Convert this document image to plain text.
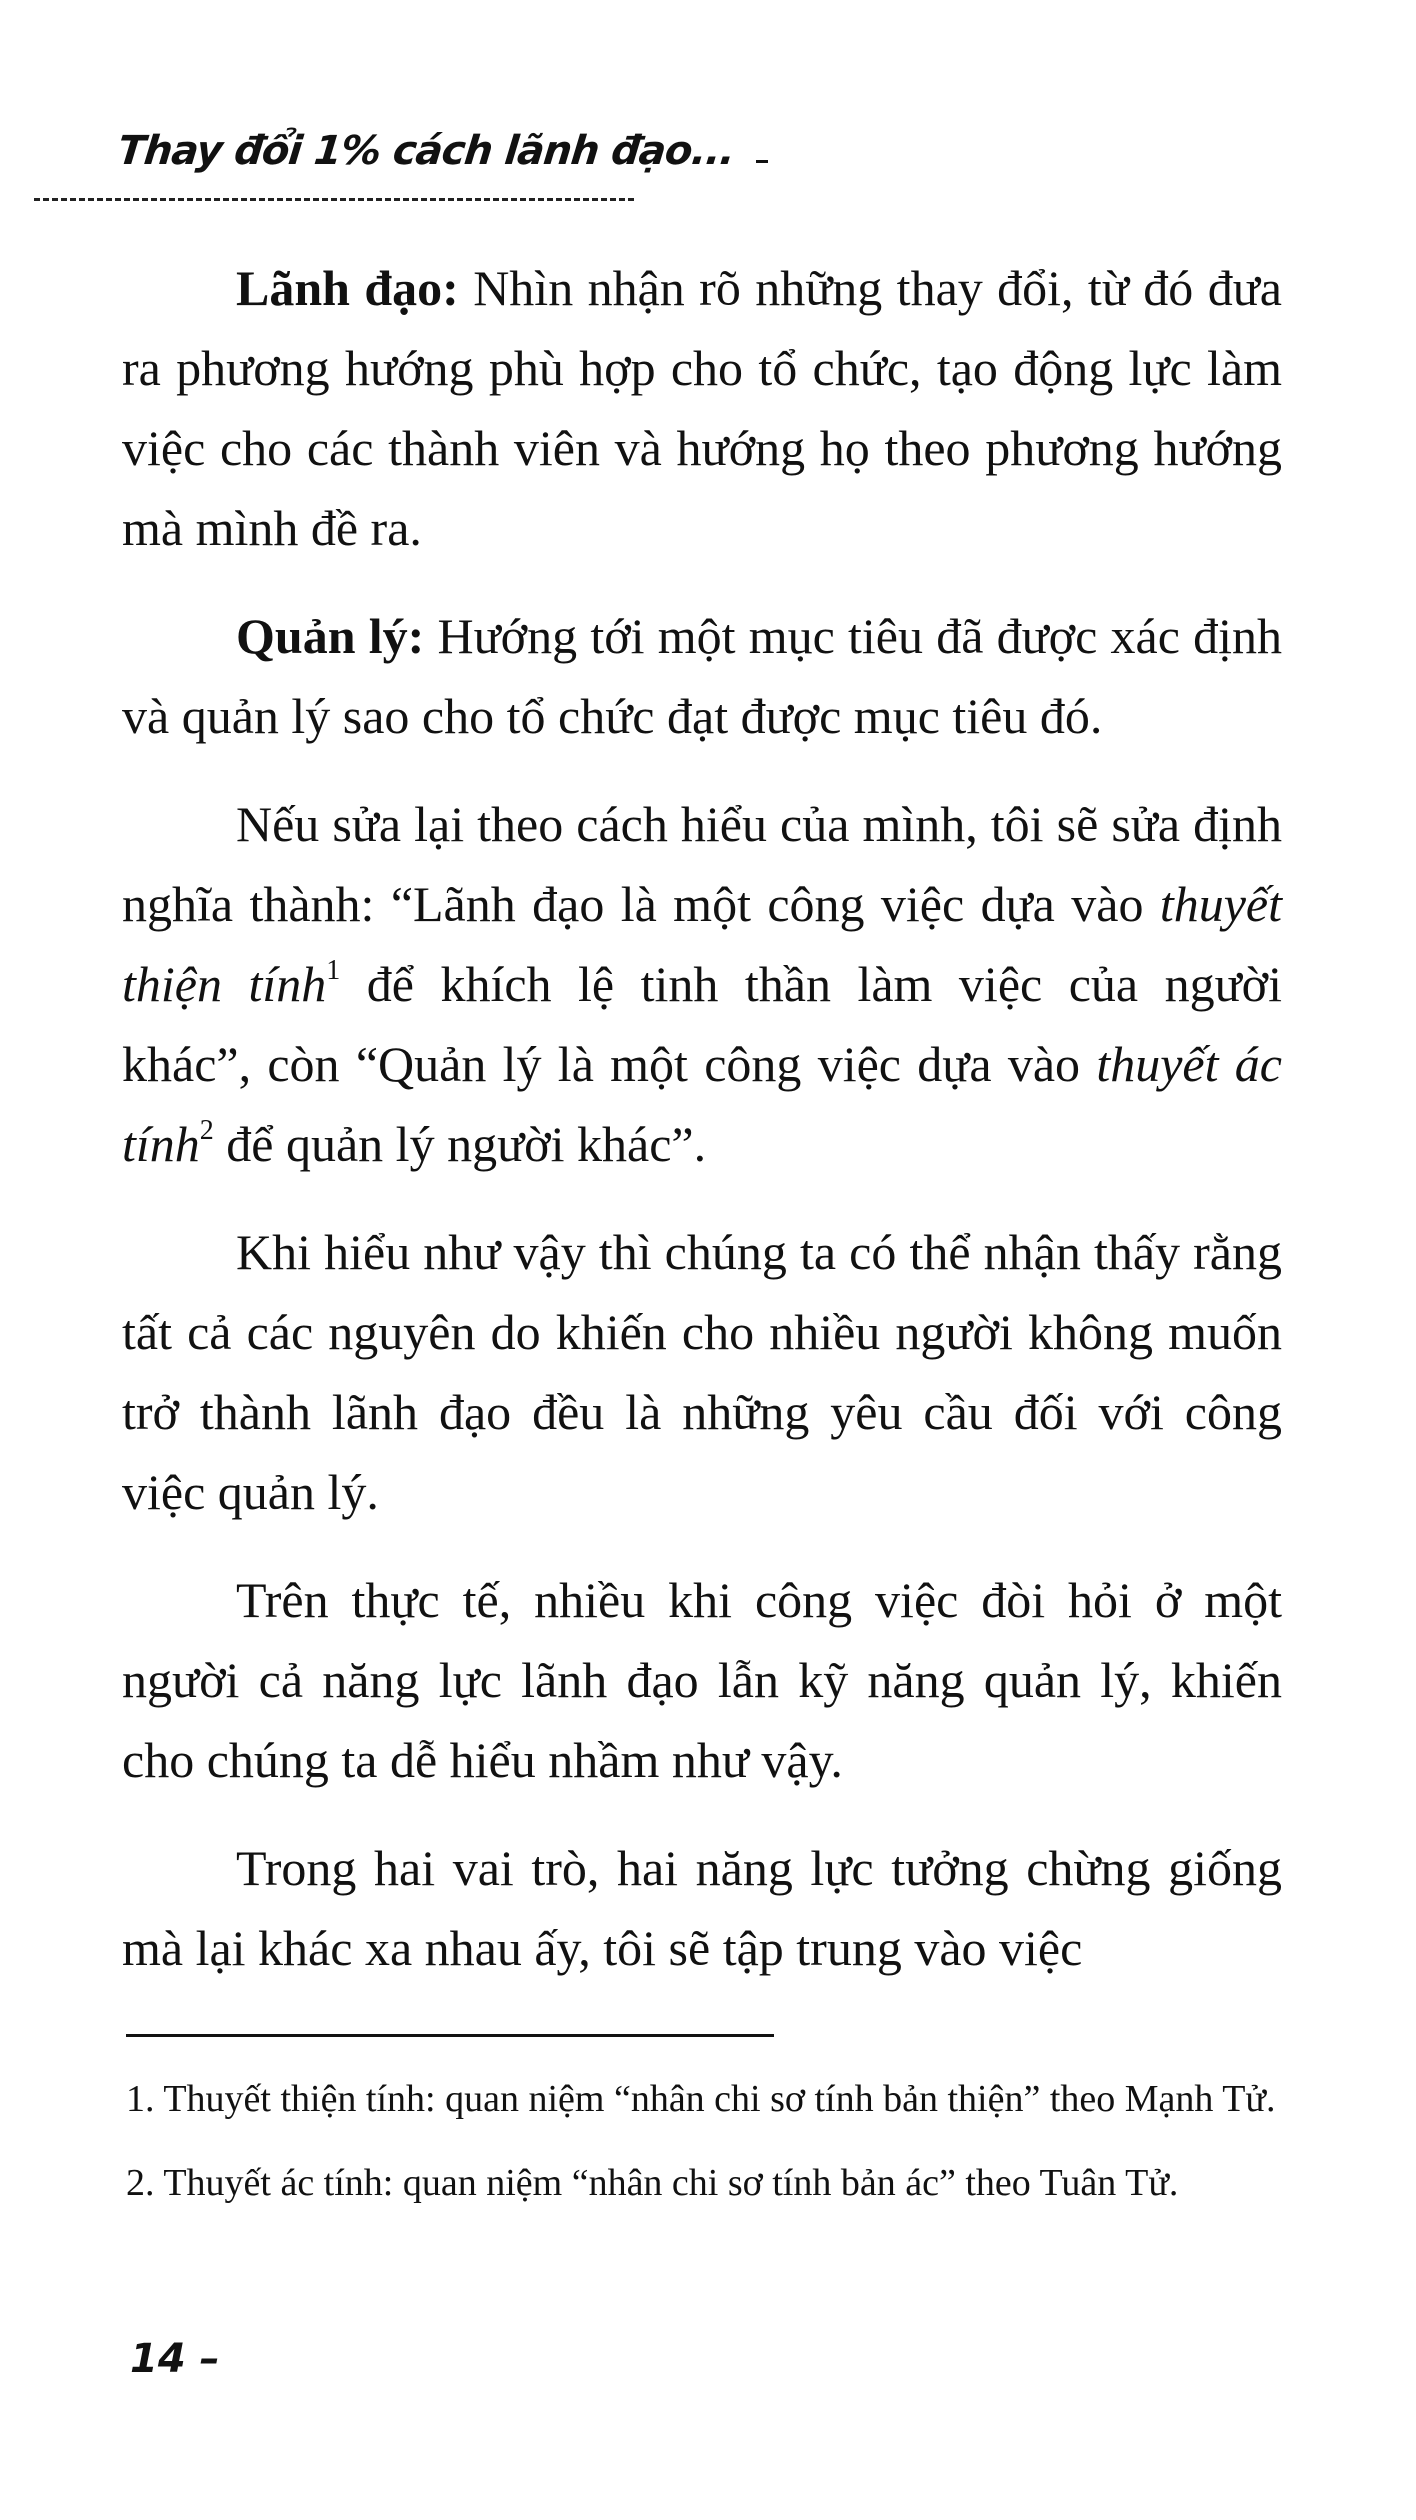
Thay đổi 1% cách lãnh đạo...

Lãnh đạo: Nhìn nhận rõ những thay đổi, từ đó đưa ra phương hướng phù hợp cho tổ chức, tạo động lực làm việc cho các thành viên và hướng họ theo phương hướng mà mình đề ra.

Quản lý: Hướng tới một mục tiêu đã được xác định và quản lý sao cho tổ chức đạt được mục tiêu đó.

Nếu sửa lại theo cách hiểu của mình, tôi sẽ sửa định nghĩa thành: “Lãnh đạo là một công việc dựa vào thuyết thiện tính$^1$ để khích lệ tinh thần làm việc của người khác”, còn “Quản lý là một công việc dựa vào thuyết ác tính$^2$ để quản lý người khác”.

Khi hiểu như vậy thì chúng ta có thể nhận thấy rằng tất cả các nguyên do khiến cho nhiều người không muốn trở thành lãnh đạo đều là những yêu cầu đối với công việc quản lý.

Trên thực tế, nhiều khi công việc đòi hỏi ở một người cả năng lực lãnh đạo lẫn kỹ năng quản lý, khiến cho chúng ta dễ hiểu nhầm như vậy.

Trong hai vai trò, hai năng lực tưởng chừng giống mà lại khác xa nhau ấy, tôi sẽ tập trung vào việc

1. Thuyết thiện tính: quan niệm “nhân chi sơ tính bản thiện” theo Mạnh Tử.

2. Thuyết ác tính: quan niệm “nhân chi sơ tính bản ác” theo Tuân Tử.

14 –
